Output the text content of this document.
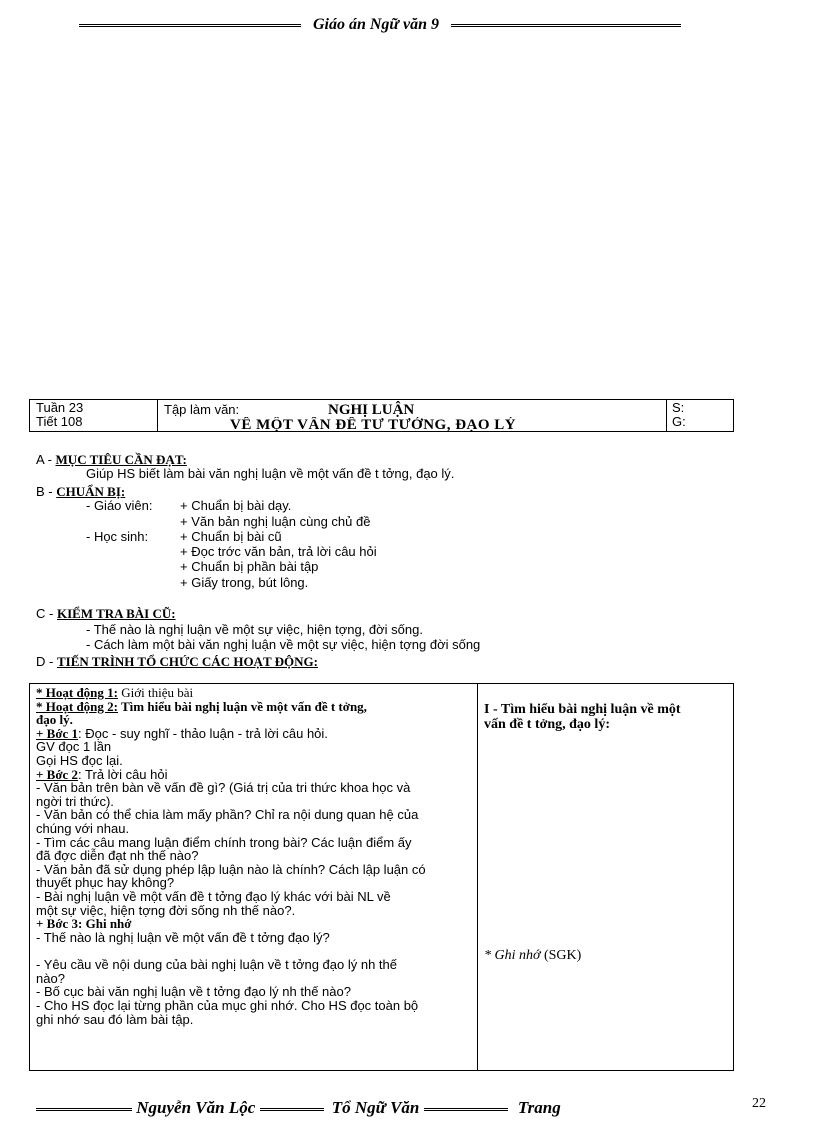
Giáo án Ngữ văn 9
Tuần 23
Tiết 108
Tập làm văn:	NGHỊ LUẬN
VỀ MỘT VẤN ĐỀ TƯ TƯỞNG, ĐẠO LÝ
S:
G:
A - MỤC TIÊU CẦN ĐẠT:
Giúp HS biết làm bài văn nghị luận về một vấn đề t tởng, đạo lý.
B - CHUẨN BỊ:
- Giáo viên: + Chuẩn bị bài dạy.
+ Văn bản nghị luận cùng chủ đề
- Học sinh: + Chuẩn bị bài cũ
+ Đọc trớc văn bản, trả lời câu hỏi
+ Chuẩn bị phần bài tập
+ Giấy trong, bút lông.
C - KIỂM TRA BÀI CŨ:
- Thế nào là nghị luận về một sự việc, hiện tợng, đời sống.
- Cách làm một bài văn nghị luận về một sự việc, hiện tợng đời sống
D - TIẾN TRÌNH TỔ CHỨC CÁC HOẠT ĐỘNG:
* Hoạt động 1: Giới thiệu bài
* Hoạt động 2: Tìm hiểu bài nghị luận về một vấn đề t tởng,
đạo lý.
+ Bớc 1: Đọc - suy nghĩ - thảo luận - trả lời câu hỏi.
GV đọc 1 lần
Gọi HS đọc lại.
+ Bớc 2: Trả lời câu hỏi
- Văn bản trên bàn về vấn đề gì? (Giá trị của tri thức khoa học và
ngời tri thức).
- Văn bản có thể chia làm mấy phần? Chỉ ra nội dung quan hệ của
chúng với nhau.
- Tìm các câu mang luận điểm chính trong bài? Các luận điểm ấy
đã đợc diễn đạt nh thế nào?
- Văn bản đã sử dụng phép lập luận nào là chính? Cách lập luận có
thuyết phục hay không?
- Bài nghị luận về một vấn đề t tởng đạo lý khác với bài NL về
một sự việc, hiện tợng đời sống nh thế nào?.
+ Bớc 3: Ghi nhớ
- Thế nào là nghị luận về một vấn đề t tởng đạo lý?
- Yêu cầu về nội dung của bài nghị luận về t tởng đạo lý nh thế
nào?
- Bố cục bài văn nghị luận về t tởng đạo lý nh thế nào?
- Cho HS đọc lại từng phần của mục ghi nhớ. Cho HS đọc toàn bộ
ghi nhớ sau đó làm bài tập.
I - Tìm hiểu bài nghị luận về một
vấn đề t tởng, đạo lý:
* Ghi nhớ (SGK)
Nguyễn Văn Lộc	Tổ Ngữ Văn	Trang	22
